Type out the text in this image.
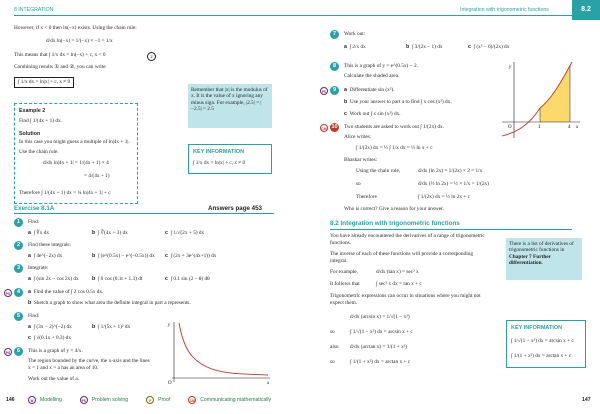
8 INTEGRATION
However, if x < 0 then ln(−x) exists. Using the chain rule:
d/dx ln(−x) = 1/(−x) × −1 = 1/x
This means that ∫ 1/x dx = ln(−x) + c, x < 0	2
Combining results ① and ②, you can write
∫ 1/x dx = ln|x| + c, x ≠ 0
Remember that |x| is the modulus of x. It is the value of x ignoring any minus sign. For example, |2.5| = |−2.5| = 2.5
Example 2
Find ∫ 1/(4x + 1) dx.
Solution
In this case you might guess a multiple of ln|4x + 1|.
Use the chain rule.
d/dx ln|4x + 1| = 1/(4x + 1) × 4
= 4/(4x + 1)
Therefore ∫ 1/(4x + 1) dx = ¼ ln|4x + 1| + c
KEY INFORMATION
∫ 1/x dx = ln|x| + c, x ≠ 0
Exercise 8.1A	Answers page 453
1	Find:
a ∫ ∜x dx	b ∫ ∛(4x + 3) dx	c ∫ 1/√(2x + 5) dx
2	Find these integrals:
a ∫ 4e^(−2x) dx	b ∫ (e^(0.5x) − e^(−0.5x)) dx c ∫ (2x + 3e^(4x+1)) dx
3	Integrate:
a ∫ (sin 2x − cos 2x) dx	b ∫ 6 cos (0.1t + 1.3) dt	c ∫ 0.1 sin (2 − θ) dθ
PS	4	a Find the value of ∫ 2 cos 0.5x dx.
b Sketch a graph to show what area the definite integral in part a represents.
5	Find:
a ∫ (3x − 2)^(−2) dx	b ∫ 1/(5x + 1)² dx
c ∫ √(0.1x + 0.3) dx
PS	6	This is a graph of y = 4/x.
The region bounded by the curve, the x-axis and the lines x = 1 and x = a has an area of 10.
Work out the value of a.
x
y
O
146	M	Modelling	PS	Problem solving	P	Proof	CM Communicating mathematically
Integration with trigonometric functions	8.2
7	Work out:
a ∫ 2/x dx	b ∫ 3/(2x − 1) dx	c ∫ (x² − 6)/(2x) dx
8	This is a graph of y = e^(0.5x) − 2.
Calculate the shaded area.
y
O	1	4 x
PS	9	a Differentiate sin (x²).
b Use your answer to part a to find ∫ x cos (x²) dx.
c Work out ∫ x sin (x²) dx.
CM 10 Two students are asked to work out ∫ 1/(2x) dx.
Alice writes:
∫ 1/(2x) dx = ½ ∫ 1/x dx = ½ ln x + c
Bhaskar writes:
Using the chain rule,	d/dx (ln 2x) = 1/(2x) × 2 = 1/x
so	d/dx (½ ln 2x) = ½ × 1/x = 1/(2x)
Therefore	∫ 1/(2x) dx = ½ ln 2x + c
Who is correct? Give a reason for your answer.
8.2 Integration with trigonometric functions
You have already encountered the derivatives of a range of trigonometric functions.
The inverse of each of these functions will provide a corresponding integral.
For example,	d/dx (tan x) = sec² x
It follows that	∫ sec² x dx = tan x + c
Trigonometric expressions can occur in situations where you might not expect them.
d/dx (arcsin x) = 1/√(1 − x²)
so	∫ 1/√(1 − x²) dx = arcsin x + c
also d/dx (arctan x) = 1/(1 + x²)
so	∫ 1/(1 + x²) dx = arctan x + c
There is a list of derivatives of trigonometric functions in Chapter 7 Further differentiation.
KEY INFORMATION
∫ 1/√(1 − x²) dx = arcsin x + c
∫ 1/(1 + x²) dx = arctan x + c
147
